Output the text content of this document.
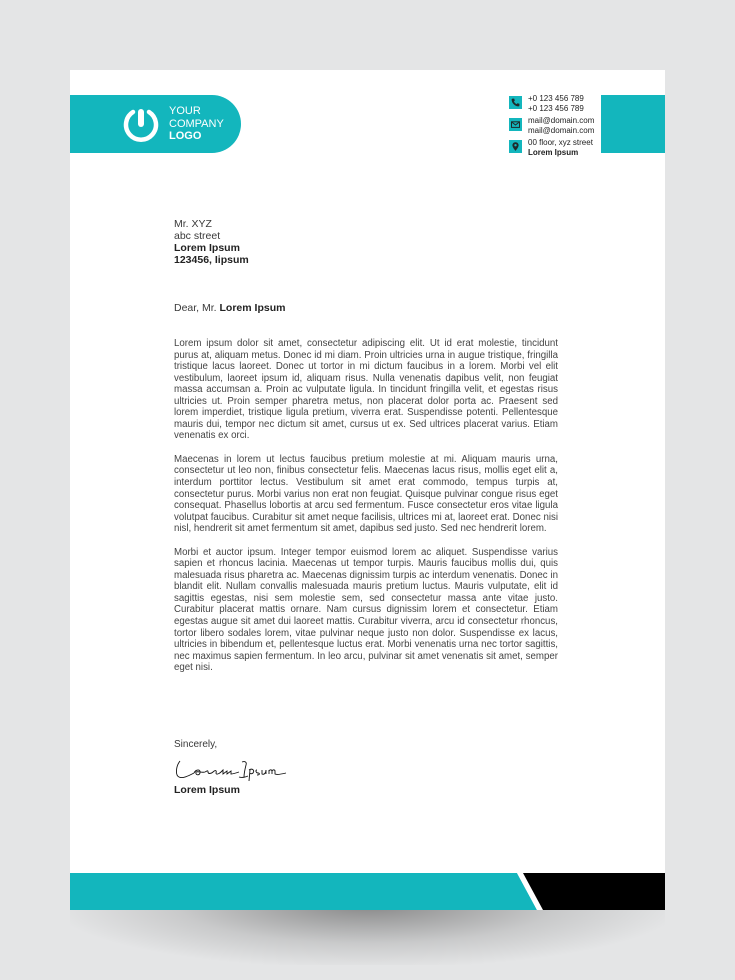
YOUR
COMPANY
LOGO
+0 123 456 789
+0 123 456 789
mail@domain.com
mail@domain.com
00 floor, xyz street
Lorem Ipsum
Mr. XYZ
abc street
Lorem Ipsum
123456, Iipsum
Dear, Mr. Lorem Ipsum

Lorem ipsum dolor sit amet, consectetur adipiscing elit. Ut id erat molestie, tincidunt purus at, aliquam metus. Donec id mi diam. Proin ultricies urna in augue tristique, fringilla tristique lacus laoreet. Donec ut tortor in mi dictum faucibus in a lorem. Morbi vel elit vestibulum, laoreet ipsum id, aliquam risus. Nulla venenatis dapibus velit, non feugiat massa accumsan a. Proin ac vulputate ligula. In tincidunt fringilla velit, et egestas risus ultricies ut. Proin semper pharetra metus, non placerat dolor porta ac. Praesent sed lorem imperdiet, tristique ligula pretium, viverra erat. Suspendisse potenti. Pellentesque mauris dui, tempor nec dictum sit amet, cursus ut ex. Sed ultrices placerat varius. Etiam venenatis ex orci.

Maecenas in lorem ut lectus faucibus pretium molestie at mi. Aliquam mauris urna, consectetur ut leo non, finibus consectetur felis. Maecenas lacus risus, mollis eget elit a, interdum porttitor lectus. Vestibulum sit amet erat commodo, tempus turpis at, consectetur purus. Morbi varius non erat non feugiat. Quisque pulvinar congue risus eget consequat. Phasellus lobortis at arcu sed fermentum. Fusce consectetur eros vitae ligula volutpat faucibus. Curabitur sit amet neque facilisis, ultrices mi at, laoreet erat. Donec nisi nisl, hendrerit sit amet fermentum sit amet, dapibus sed justo. Sed nec hendrerit lorem.

Morbi et auctor ipsum. Integer tempor euismod lorem ac aliquet. Suspendisse varius sapien et rhoncus lacinia. Maecenas ut tempor turpis. Mauris faucibus mollis dui, quis malesuada risus pharetra ac. Maecenas dignissim turpis ac interdum venenatis. Donec in blandit elit. Nullam convallis malesuada mauris pretium luctus. Mauris vulputate, elit id sagittis egestas, nisi sem molestie sem, sed consectetur massa ante vitae justo. Curabitur placerat mattis ornare. Nam cursus dignissim lorem et consectetur. Etiam egestas augue sit amet dui laoreet mattis. Curabitur viverra, arcu id consectetur rhoncus, tortor libero sodales lorem, vitae pulvinar neque justo non dolor. Suspendisse ex lacus, ultricies in bibendum et, pellentesque luctus erat. Morbi venenatis urna nec tortor sagittis, nec maximus sapien fermentum. In leo arcu, pulvinar sit amet venenatis sit amet, semper eget nisi.

Sincerely,
Lorem Ipsum
